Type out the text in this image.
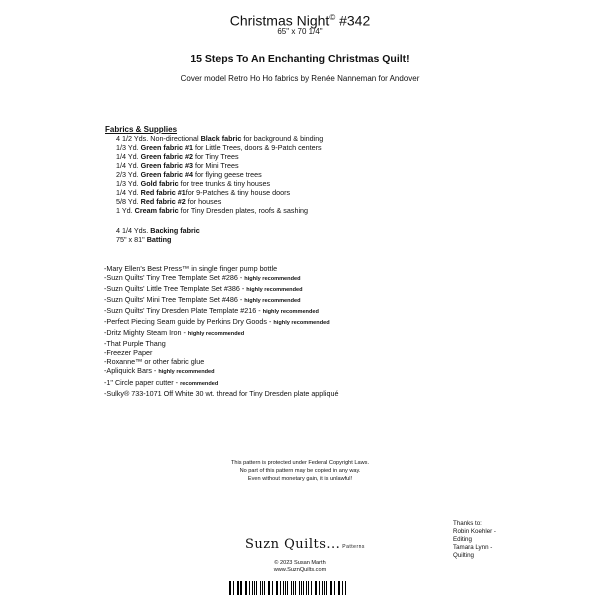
Christmas Night© #342
65" x 70 1/4"
15 Steps To An Enchanting Christmas Quilt!
Cover model Retro Ho Ho fabrics by Renée Nanneman for Andover
Fabrics & Supplies
4 1/2 Yds. Non-directional Black fabric for background & binding
1/3 Yd. Green fabric #1 for Little Trees, doors & 9-Patch centers
1/4 Yd. Green fabric #2 for Tiny Trees
1/4 Yd. Green fabric #3 for Mini Trees
2/3 Yd. Green fabric #4 for flying geese trees
1/3 Yd. Gold fabric for tree trunks & tiny houses
1/4 Yd. Red fabric #1for 9-Patches & tiny house doors
5/8 Yd. Red fabric #2 for houses
1 Yd. Cream fabric for Tiny Dresden plates, roofs & sashing
4 1/4 Yds. Backing fabric
75" x 81" Batting
-Mary Ellen's Best Press™ in single finger pump bottle
-Suzn Quilts' Tiny Tree Template Set #286 - highly recommended
-Suzn Quilts' Little Tree Template Set #386 - highly recommended
-Suzn Quilts' Mini Tree Template Set #486 - highly recommended
-Suzn Quilts' Tiny Dresden Plate Template #216 - highly recommended
-Perfect Piecing Seam guide by Perkins Dry Goods - highly recommended
-Dritz Mighty Steam Iron - highly recommended
-That Purple Thang
-Freezer Paper
-Roxanne™ or other fabric glue
-Apliquick Bars - highly recommended
-1" Circle paper cutter - recommended
-Sulky® 733-1071 Off White 30 wt. thread for Tiny Dresden plate appliqué
This pattern is protected under Federal Copyright Laws.
No part of this pattern may be copied in any way.
Even without monetary gain, it is unlawful!
Suzn Quilts... Patterns
© 2023 Susan Marth
www.SuznQuilts.com
Thanks to:
Robin Koehler -
Editing
Tamara Lynn -
Quilting
